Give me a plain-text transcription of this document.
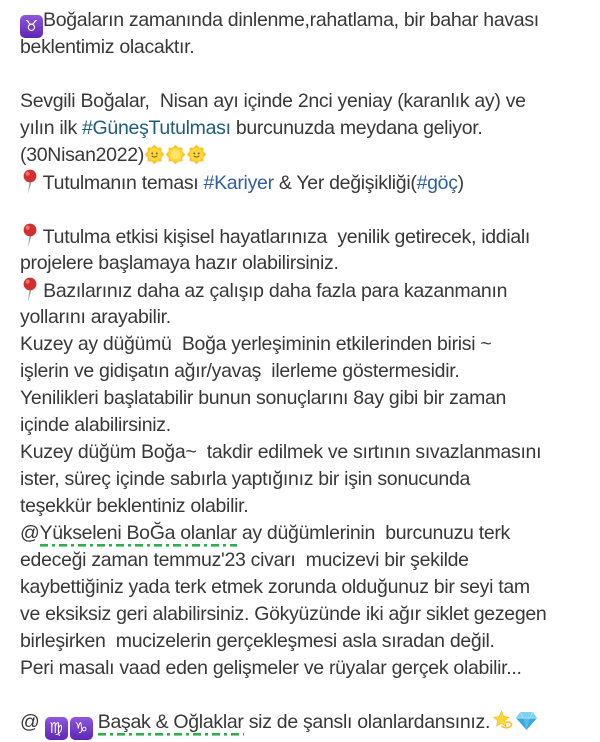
♉ Boğaların zamanında dinlenme,rahatlama, bir bahar havası
beklentimiz olacaktır.

Sevgili Boğalar,  Nisan ayı içinde 2nci yeniay (karanlık ay) ve
yılın ilk #GüneşTutulması burcunuzda meydana geliyor.
(30Nisan2022)
Tutulmanın teması #Kariyer & Yer değişikliği(#göç)

Tutulma etkisi kişisel hayatlarınıza  yenilik getirecek, iddialı
projelere başlamaya hazır olabilirsiniz.
Bazılarınız daha az çalışıp daha fazla para kazanmanın
yollarını arayabilir.
Kuzey ay düğümü  Boğa yerleşiminin etkilerinden birisi ~
işlerin ve gidişatın ağır/yavaş  ilerleme göstermesidir.
Yenilikleri başlatabilir bunun sonuçlarını 8ay gibi bir zaman
içinde alabilirsiniz.
Kuzey düğüm Boğa~  takdir edilmek ve sırtının sıvazlanmasını
ister, süreç içinde sabırla yaptığınız bir işin sonucunda
teşekkür beklentiniz olabilir.
@Yükseleni BoĞa olanlar ay düğümlerinin  burcunuzu terk
edeceği zaman temmuz'23 civarı  mucizevi bir şekilde
kaybettiğiniz yada terk etmek zorunda olduğunuz bir seyi tam
ve eksiksiz geri alabilirsiniz. Gökyüzünde iki ağır siklet gezegen
birleşirken  mucizelerin gerçekleşmesi asla sıradan değil.
Peri masalı vaad eden gelişmeler ve rüyalar gerçek olabilir...

@ ♍ ♑ Başak & Oğlaklar siz de şanslı olanlardansınız.
